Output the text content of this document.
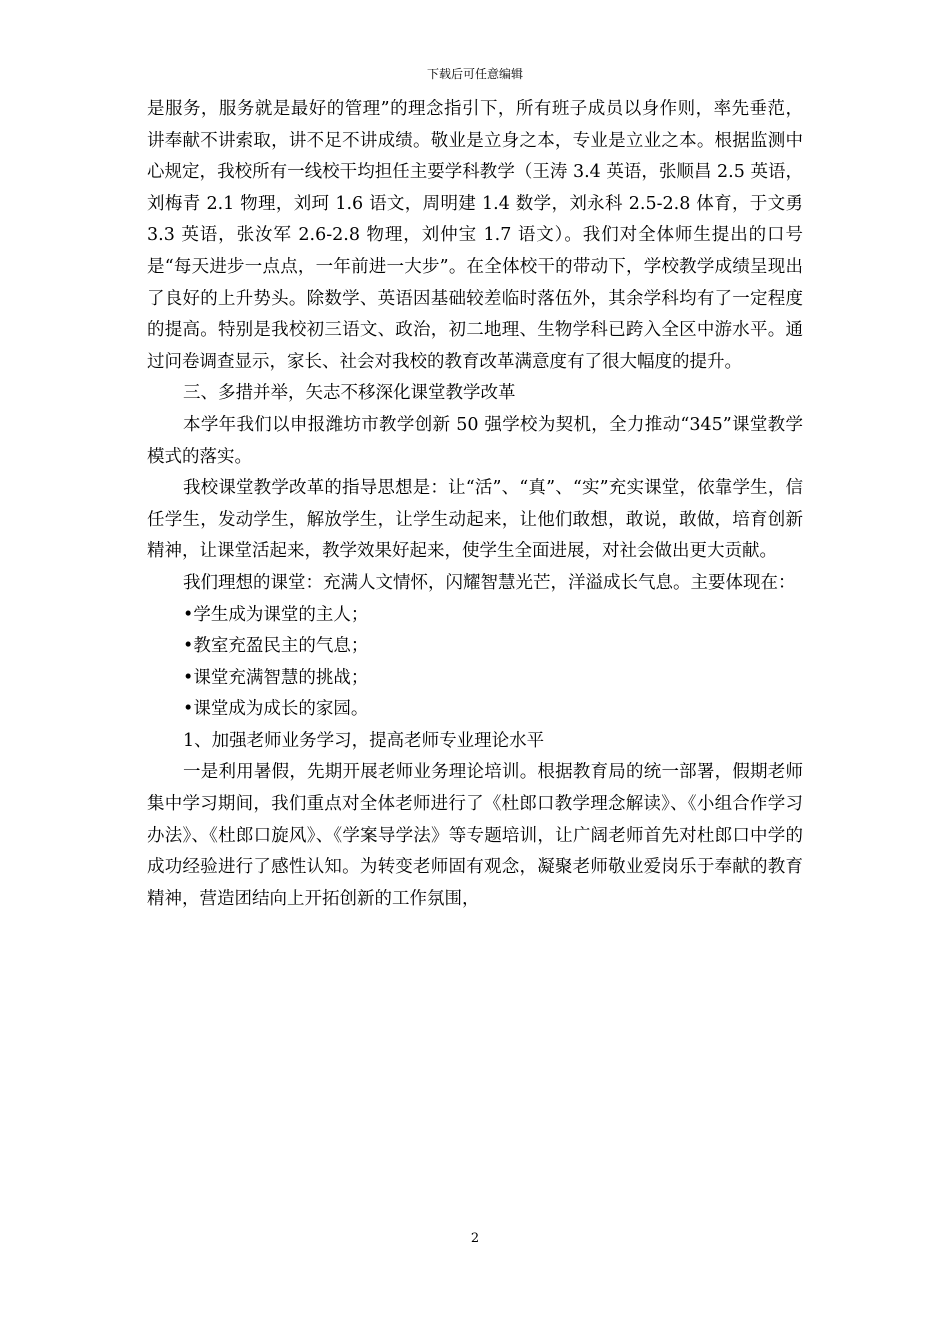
下载后可任意编辑

是服务，服务就是最好的管理”的理念指引下，所有班子成员以身作则，率先垂范，讲奉献不讲索取，讲不足不讲成绩。敬业是立身之本，专业是立业之本。根据监测中心规定，我校所有一线校干均担任主要学科教学（王涛 3.4 英语，张顺昌 2.5 英语，刘梅青 2.1 物理，刘珂 1.6 语文，周明建 1.4 数学，刘永科 2.5-2.8 体育，于文勇 3.3 英语，张汝军 2.6-2.8 物理，刘仲宝 1.7 语文）。我们对全体师生提出的口号是“每天进步一点点，一年前进一大步”。在全体校干的带动下，学校教学成绩呈现出了良好的上升势头。除数学、英语因基础较差临时落伍外，其余学科均有了一定程度的提高。特别是我校初三语文、政治，初二地理、生物学科已跨入全区中游水平。通过问卷调查显示，家长、社会对我校的教育改革满意度有了很大幅度的提升。

三、多措并举，矢志不移深化课堂教学改革

本学年我们以申报潍坊市教学创新 50 强学校为契机，全力推动“345”课堂教学模式的落实。

我校课堂教学改革的指导思想是：让“活”、“真”、“实”充实课堂，依靠学生，信任学生，发动学生，解放学生，让学生动起来，让他们敢想，敢说，敢做，培育创新精神，让课堂活起来，教学效果好起来，使学生全面进展，对社会做出更大贡献。

我们理想的课堂：充满人文情怀，闪耀智慧光芒，洋溢成长气息。主要体现在：

•学生成为课堂的主人；

•教室充盈民主的气息；

•课堂充满智慧的挑战；

•课堂成为成长的家园。

1、加强老师业务学习，提高老师专业理论水平

一是利用暑假，先期开展老师业务理论培训。根据教育局的统一部署，假期老师集中学习期间，我们重点对全体老师进行了《杜郎口教学理念解读》、《小组合作学习办法》、《杜郎口旋风》、《学案导学法》等专题培训，让广阔老师首先对杜郎口中学的成功经验进行了感性认知。为转变老师固有观念，凝聚老师敬业爱岗乐于奉献的教育精神，营造团结向上开拓创新的工作氛围，

2
